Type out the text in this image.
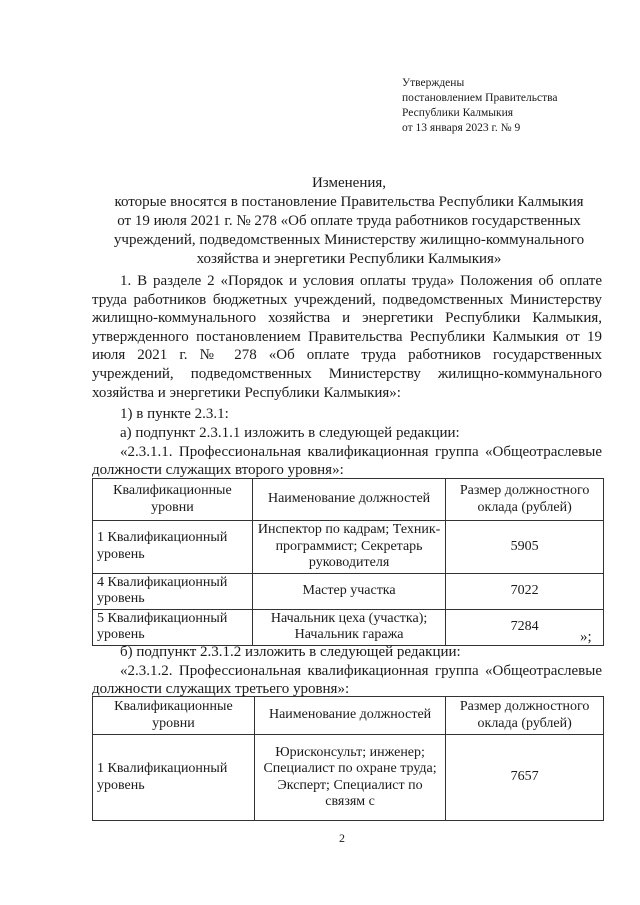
Утверждены
постановлением Правительства
Республики Калмыкия
от 13 января 2023 г. № 9
Изменения,
которые вносятся в постановление Правительства Республики Калмыкия
от 19 июля 2021 г. № 278 «Об оплате труда работников государственных
учреждений, подведомственных Министерству жилищно-коммунального
хозяйства и энергетики Республики Калмыкия»
1. В разделе 2 «Порядок и условия оплаты труда» Положения об оплате труда работников бюджетных учреждений, подведомственных Министерству жилищно-коммунального хозяйства и энергетики Республики Калмыкия, утвержденного постановлением Правительства Республики Калмыкия от 19 июля 2021 г. № 278 «Об оплате труда работников государственных учреждений, подведомственных Министерству жилищно-коммунального хозяйства и энергетики Республики Калмыкия»:
1) в пункте 2.3.1:
а) подпункт 2.3.1.1 изложить в следующей редакции:
«2.3.1.1. Профессиональная квалификационная группа «Общеотраслевые
должности служащих второго уровня»:
Квалификационные уровни	Наименование должностей	Размер должностного оклада (рублей)
1 Квалификационный уровень	Инспектор по кадрам; Техник-программист; Секретарь руководителя	5905
4 Квалификационный уровень	Мастер участка	7022
5 Квалификационный уровень	Начальник цеха (участка); Начальник гаража	7284
»;
б) подпункт 2.3.1.2 изложить в следующей редакции:
«2.3.1.2. Профессиональная квалификационная группа «Общеотраслевые
должности служащих третьего уровня»:
Квалификационные уровни	Наименование должностей	Размер должностного оклада (рублей)
1 Квалификационный уровень	Юрисконсульт; инженер; Специалист по охране труда; Эксперт; Специалист по связям с	7657
2
